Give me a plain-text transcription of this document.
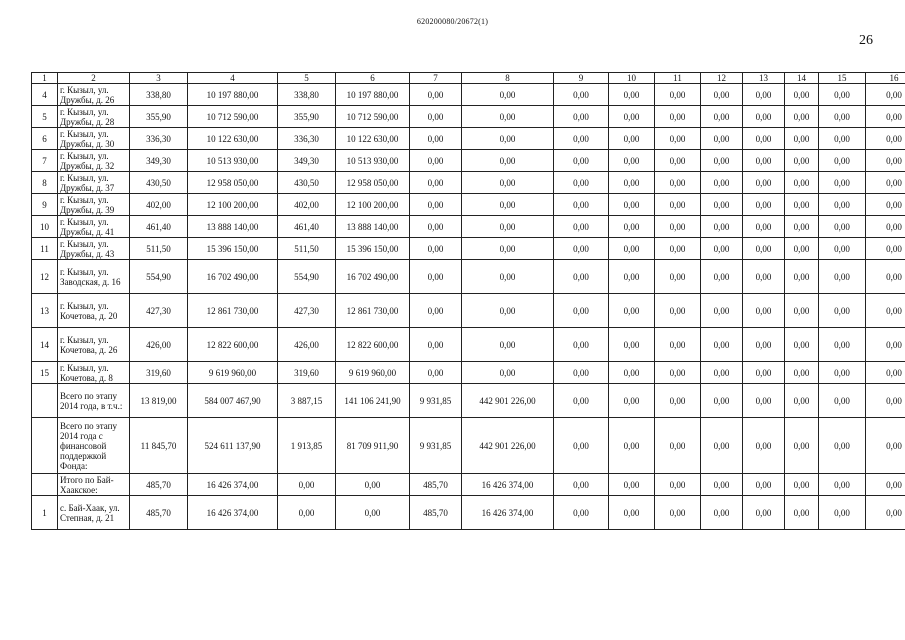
620200080/20672(1)
26
1	2	3	4	5	6	7	8	9	10	11	12	13	14	15	16
4	г. Кызыл, ул. Дружбы, д. 26	338,80	10 197 880,00	338,80	10 197 880,00	0,00	0,00	0,00	0,00	0,00	0,00	0,00	0,00	0,00	0,00
5	г. Кызыл, ул. Дружбы, д. 28	355,90	10 712 590,00	355,90	10 712 590,00	0,00	0,00	0,00	0,00	0,00	0,00	0,00	0,00	0,00	0,00
6	г. Кызыл, ул. Дружбы, д. 30	336,30	10 122 630,00	336,30	10 122 630,00	0,00	0,00	0,00	0,00	0,00	0,00	0,00	0,00	0,00	0,00
7	г. Кызыл, ул. Дружбы, д. 32	349,30	10 513 930,00	349,30	10 513 930,00	0,00	0,00	0,00	0,00	0,00	0,00	0,00	0,00	0,00	0,00
8	г. Кызыл, ул. Дружбы, д. 37	430,50	12 958 050,00	430,50	12 958 050,00	0,00	0,00	0,00	0,00	0,00	0,00	0,00	0,00	0,00	0,00
9	г. Кызыл, ул. Дружбы, д. 39	402,00	12 100 200,00	402,00	12 100 200,00	0,00	0,00	0,00	0,00	0,00	0,00	0,00	0,00	0,00	0,00
10	г. Кызыл, ул. Дружбы, д. 41	461,40	13 888 140,00	461,40	13 888 140,00	0,00	0,00	0,00	0,00	0,00	0,00	0,00	0,00	0,00	0,00
11	г. Кызыл, ул. Дружбы, д. 43	511,50	15 396 150,00	511,50	15 396 150,00	0,00	0,00	0,00	0,00	0,00	0,00	0,00	0,00	0,00	0,00
12	г. Кызыл, ул. Заводская, д. 16	554,90	16 702 490,00	554,90	16 702 490,00	0,00	0,00	0,00	0,00	0,00	0,00	0,00	0,00	0,00	0,00
13	г. Кызыл, ул. Кочетова, д. 20	427,30	12 861 730,00	427,30	12 861 730,00	0,00	0,00	0,00	0,00	0,00	0,00	0,00	0,00	0,00	0,00
14	г. Кызыл, ул. Кочетова, д. 26	426,00	12 822 600,00	426,00	12 822 600,00	0,00	0,00	0,00	0,00	0,00	0,00	0,00	0,00	0,00	0,00
15	г. Кызыл, ул. Кочетова, д. 8	319,60	9 619 960,00	319,60	9 619 960,00	0,00	0,00	0,00	0,00	0,00	0,00	0,00	0,00	0,00	0,00
	Всего по этапу 2014 года, в т.ч.:	13 819,00	584 007 467,90	3 887,15	141 106 241,90	9 931,85	442 901 226,00	0,00	0,00	0,00	0,00	0,00	0,00	0,00	0,00
	Всего по этапу 2014 года с финансовой поддержкой Фонда:	11 845,70	524 611 137,90	1 913,85	81 709 911,90	9 931,85	442 901 226,00	0,00	0,00	0,00	0,00	0,00	0,00	0,00	0,00
	Итого по Бай-Хаакское:	485,70	16 426 374,00	0,00	0,00	485,70	16 426 374,00	0,00	0,00	0,00	0,00	0,00	0,00	0,00	0,00
1	с. Бай-Хаак, ул. Степная, д. 21	485,70	16 426 374,00	0,00	0,00	485,70	16 426 374,00	0,00	0,00	0,00	0,00	0,00	0,00	0,00	0,00
